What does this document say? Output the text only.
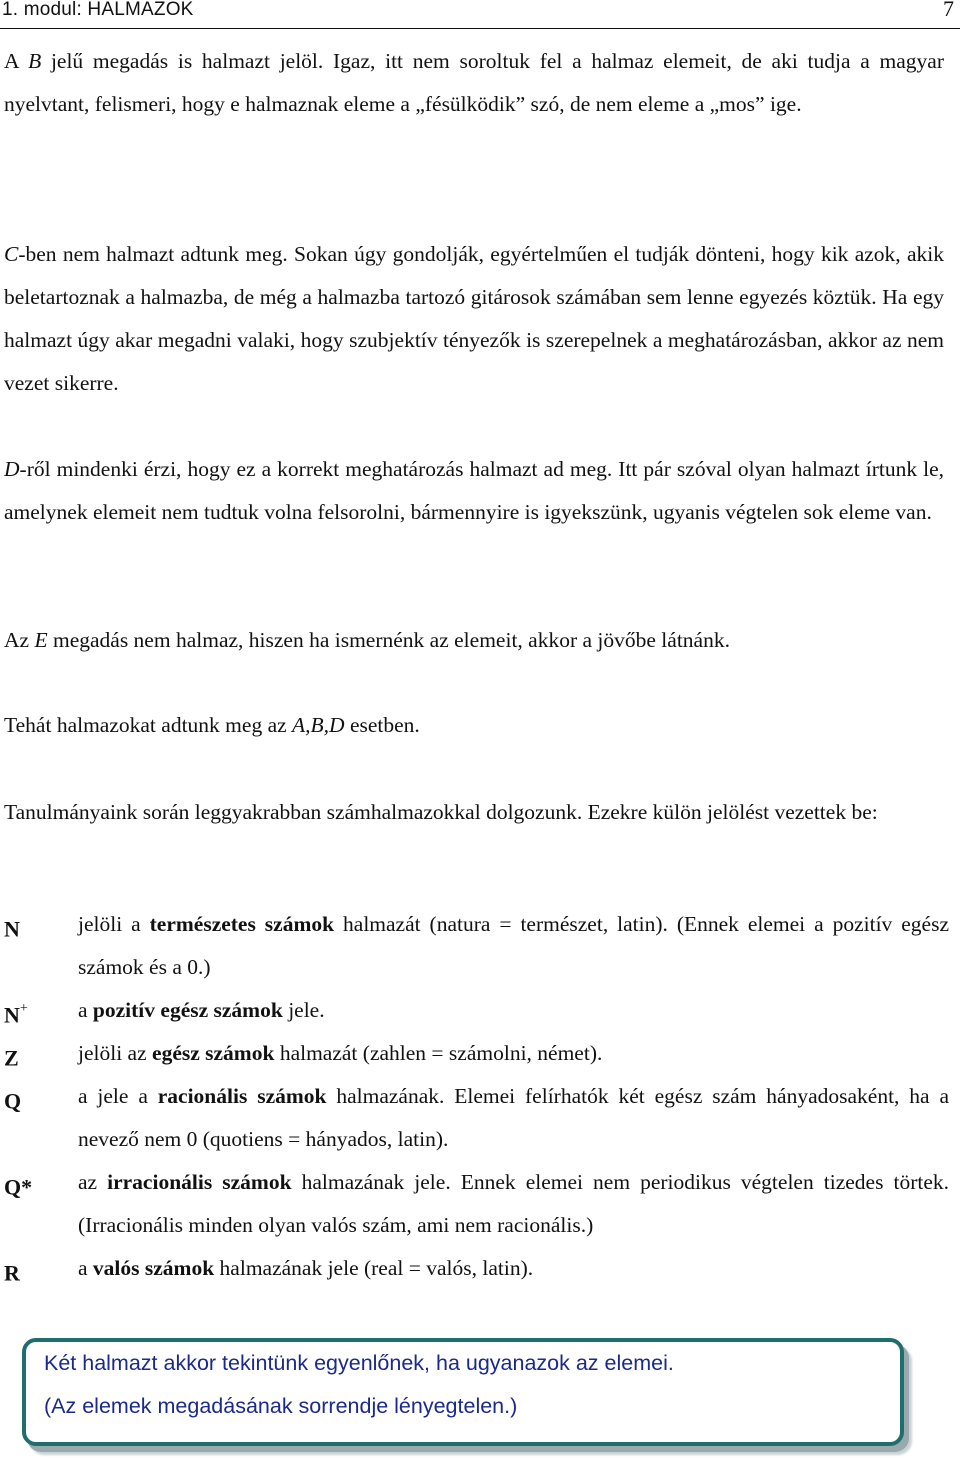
1. modul: HALMAZOK	7

A B jelű megadás is halmazt jelöl. Igaz, itt nem soroltuk fel a halmaz elemeit, de aki tudja a magyar nyelvtant, felismeri, hogy e halmaznak eleme a „fésülködik” szó, de nem eleme a „mos” ige.

C-ben nem halmazt adtunk meg. Sokan úgy gondolják, egyértelműen el tudják dönteni, hogy kik azok, akik beletartoznak a halmazba, de még a halmazba tartozó gitárosok számában sem lenne egyezés köztük. Ha egy halmazt úgy akar megadni valaki, hogy szubjektív tényezők is szerepelnek a meghatározásban, akkor az nem vezet sikerre.

D-ről mindenki érzi, hogy ez a korrekt meghatározás halmazt ad meg. Itt pár szóval olyan halmazt írtunk le, amelynek elemeit nem tudtuk volna felsorolni, bármennyire is igyekszünk, ugyanis végtelen sok eleme van.

Az E megadás nem halmaz, hiszen ha ismernénk az elemeit, akkor a jövőbe látnánk.

Tehát halmazokat adtunk meg az A,B,D esetben.

Tanulmányaink során leggyakrabban számhalmazokkal dolgozunk. Ezekre külön jelölést vezettek be:

N	jelöli a természetes számok halmazát (natura = természet, latin). (Ennek elemei a pozitív egész számok és a 0.)
N+	a pozitív egész számok jele.
Z	jelöli az egész számok halmazát (zahlen = számolni, német).
Q	a jele a racionális számok halmazának. Elemei felírhatók két egész szám hányadosaként, ha a nevező nem 0 (quotiens = hányados, latin).
Q*	az irracionális számok halmazának jele. Ennek elemei nem periodikus végtelen tizedes törtek. (Irracionális minden olyan valós szám, ami nem racionális.)
R	a valós számok halmazának jele (real = valós, latin).
Két halmazt akkor tekintünk egyenlőnek, ha ugyanazok az elemei.
(Az elemek megadásának sorrendje lényegtelen.)
